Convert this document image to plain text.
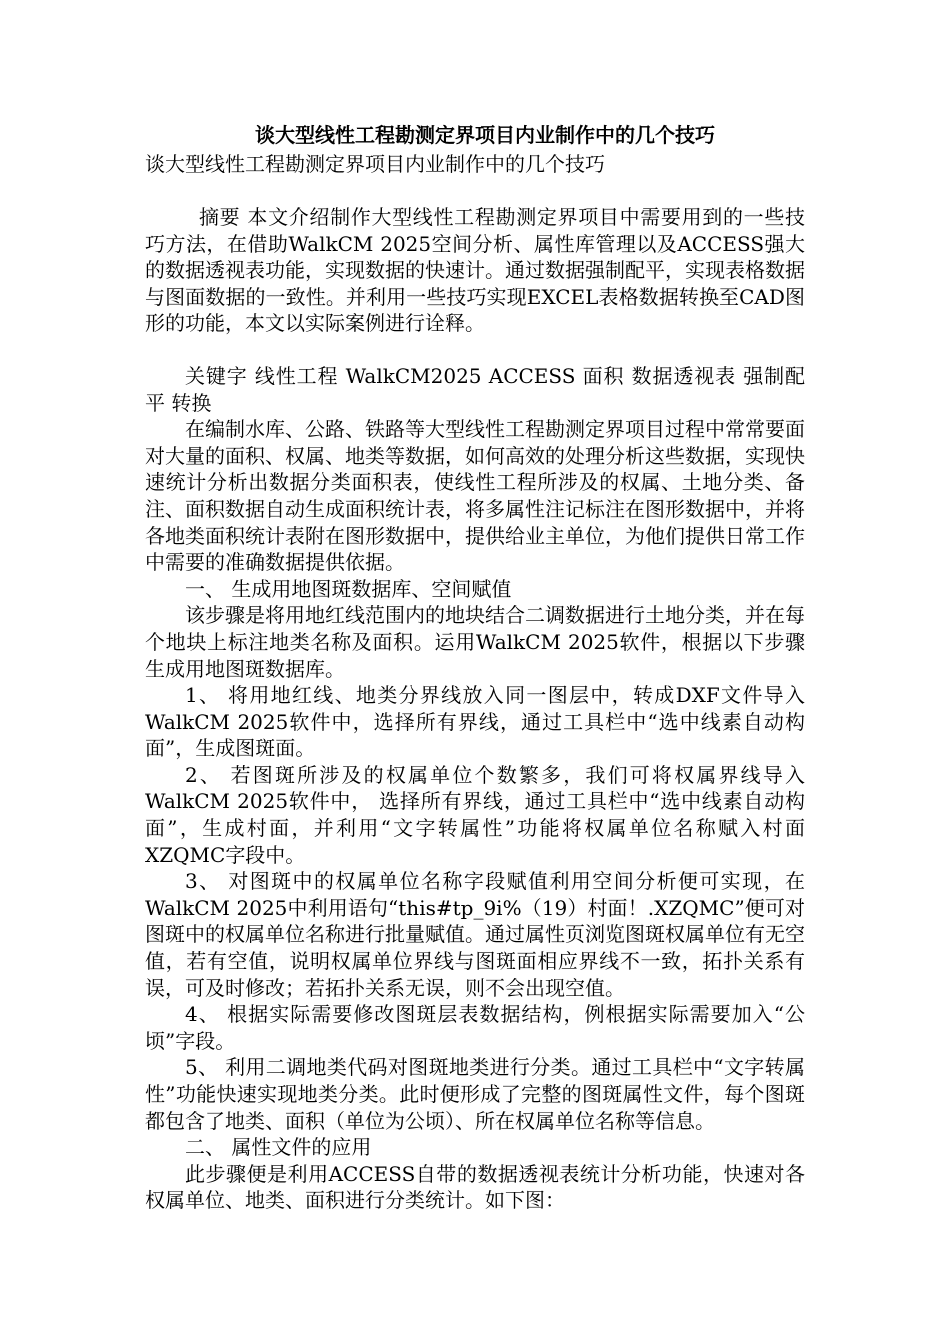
谈大型线性工程勘测定界项目内业制作中的几个技巧
谈大型线性工程勘测定界项目内业制作中的几个技巧

摘要 本文介绍制作大型线性工程勘测定界项目中需要用到的一些技巧方法，在借助WalkCM 2025空间分析、属性库管理以及ACCESS强大的数据透视表功能，实现数据的快速计。通过数据强制配平，实现表格数据与图面数据的一致性。并利用一些技巧实现EXCEL表格数据转换至CAD图形的功能，本文以实际案例进行诠释。

关键字 线性工程 WalkCM2025 ACCESS 面积 数据透视表 强制配平 转换

在编制水库、公路、铁路等大型线性工程勘测定界项目过程中常常要面对大量的面积、权属、地类等数据，如何高效的处理分析这些数据，实现快速统计分析出数据分类面积表，使线性工程所涉及的权属、土地分类、备注、面积数据自动生成面积统计表，将多属性注记标注在图形数据中，并将各地类面积统计表附在图形数据中，提供给业主单位，为他们提供日常工作中需要的准确数据提供依据。

一、 生成用地图斑数据库、空间赋值

该步骤是将用地红线范围内的地块结合二调数据进行土地分类，并在每个地块上标注地类名称及面积。运用WalkCM 2025软件，根据以下步骤生成用地图斑数据库。

1、 将用地红线、地类分界线放入同一图层中，转成DXF文件导入WalkCM 2025软件中，选择所有界线，通过工具栏中“选中线素自动构面”，生成图斑面。

2、 若图斑所涉及的权属单位个数繁多，我们可将权属界线导入WalkCM 2025软件中， 选择所有界线，通过工具栏中“选中线素自动构面”，生成村面，并利用“文字转属性”功能将权属单位名称赋入村面XZQMC字段中。

3、 对图斑中的权属单位名称字段赋值利用空间分析便可实现，在WalkCM 2025中利用语句“this#tp_9i%（19）村面！.XZQMC”便可对图斑中的权属单位名称进行批量赋值。通过属性页浏览图斑权属单位有无空值，若有空值，说明权属单位界线与图斑面相应界线不一致，拓扑关系有误，可及时修改；若拓扑关系无误，则不会出现空值。

4、 根据实际需要修改图斑层表数据结构，例根据实际需要加入“公顷”字段。

5、 利用二调地类代码对图斑地类进行分类。通过工具栏中“文字转属性”功能快速实现地类分类。此时便形成了完整的图斑属性文件，每个图斑都包含了地类、面积（单位为公顷）、所在权属单位名称等信息。

二、 属性文件的应用

此步骤便是利用ACCESS自带的数据透视表统计分析功能，快速对各权属单位、地类、面积进行分类统计。如下图：
